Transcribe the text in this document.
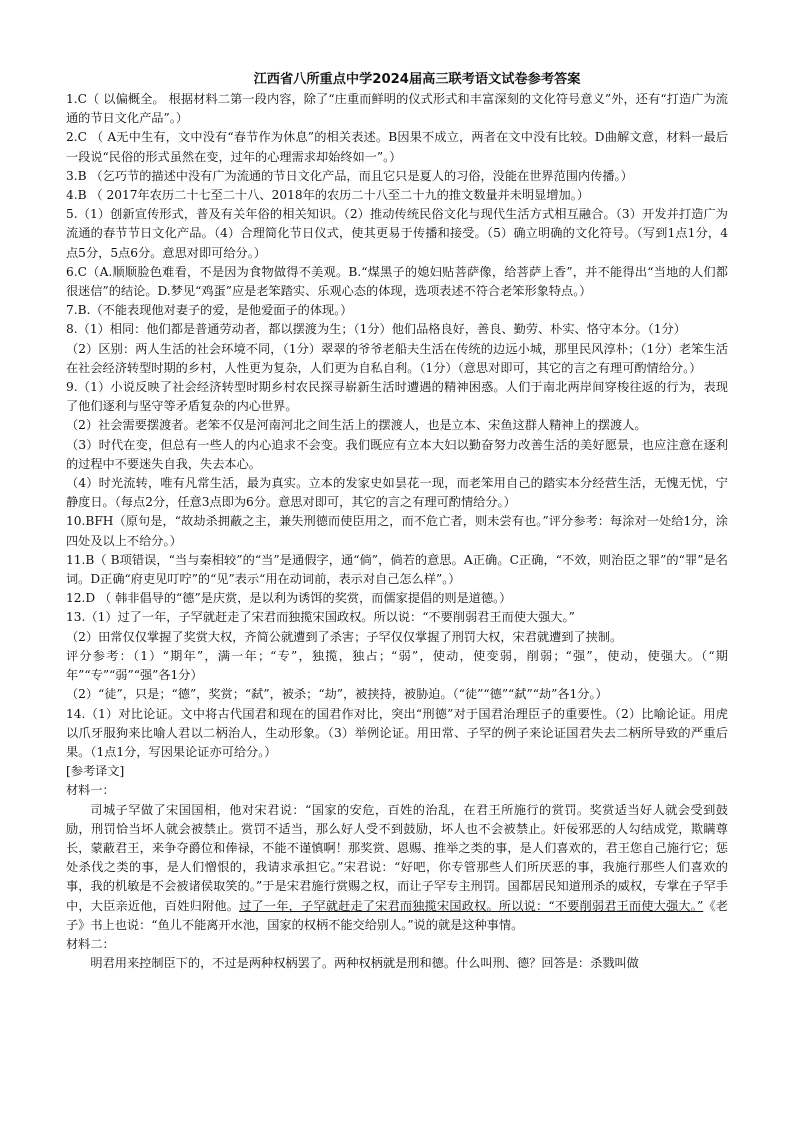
江西省八所重点中学2024届高三联考语文试卷参考答案

1.C（ 以偏概全。 根据材料二第一段内容，除了“庄重而鲜明的仪式形式和丰富深刻的文化符号意义”外，还有“打造广为流通的节日文化产品”。）

2.C （ A无中生有，文中没有“春节作为休息”的相关表述。B因果不成立，两者在文中没有比较。D曲解文意，材料一最后一段说“民俗的形式虽然在变，过年的心理需求却始终如一”。）

3.B （乞巧节的描述中没有广为流通的节日文化产品，而且它只是夏人的习俗，没能在世界范围内传播。）

4.B （ 2017年农历二十七至二十八、2018年的农历二十八至二十九的推文数量并未明显增加。）

5.（1）创新宣传形式，普及有关年俗的相关知识。（2）推动传统民俗文化与现代生活方式相互融合。（3）开发并打造广为流通的春节节日文化产品。（4）合理简化节日仪式，使其更易于传播和接受。（5）确立明确的文化符号。（写到1点1分，4点5分，5点6分。意思对即可给分。）

6.C（A.顺顺脸色难看，不是因为食物做得不美观。B.“煤黑子的媳妇贴菩萨像，给菩萨上香”，并不能得出“当地的人们都很迷信”的结论。D.梦见“鸡蛋”应是老笨踏实、乐观心态的体现，选项表述不符合老笨形象特点。）

7.B.（不能表现他对妻子的爱，是他爱面子的体现。）

8.（1）相同：他们都是普通劳动者，都以摆渡为生；（1分）他们品格良好，善良、勤劳、朴实、恪守本分。（1分）

（2）区别：两人生活的社会环境不同，（1分）翠翠的爷爷老船夫生活在传统的边远小城，那里民风淳朴；（1分）老笨生活在社会经济转型时期的乡村，人性更为复杂，人们更为自私自利。（1分）（意思对即可，其它的言之有理可酌情给分。）

9.（1）小说反映了社会经济转型时期乡村农民探寻崭新生活时遭遇的精神困惑。人们于南北两岸间穿梭往返的行为，表现了他们逐利与坚守等矛盾复杂的内心世界。

（2）社会需要摆渡者。老笨不仅是河南河北之间生活上的摆渡人，也是立本、宋鱼这群人精神上的摆渡人。

（3）时代在变，但总有一些人的内心追求不会变。我们既应有立本大妇以勤奋努力改善生活的美好愿景，也应注意在逐利的过程中不要迷失自我，失去本心。

（4）时光流转，唯有凡常生活，最为真实。立本的发家史如昙花一现，而老笨用自己的踏实本分经营生活，无愧无忧，宁静度日。（每点2分，任意3点即为6分。意思对即可，其它的言之有理可酌情给分。）

10.BFH（原句是，“故劫杀拥蔽之主，兼失刑德而使臣用之，而不危亡者，则未尝有也。”评分参考：每涂对一处给1分，涂四处及以上不给分。）

11.B（ B项错误，“当与秦相较”的“当”是通假字，通“倘”，倘若的意思。A正确。C正确，“不效，则治臣之罪”的“罪”是名词。D正确“府吏见叮咛”的“见”表示“用在动词前，表示对自己怎么样”。）

12.D （ 韩非倡导的“德”是庆赏，是以利为诱饵的奖赏，而儒家提倡的则是道德。）

13.（1）过了一年，子罕就赶走了宋君而独揽宋国政权。所以说：“不要削弱君王而使大强大。”

（2）田常仅仅掌握了奖赏大权，齐简公就遭到了杀害；子罕仅仅掌握了刑罚大权，宋君就遭到了挟制。

评分参考：（1）“期年”，满一年；“专”，独揽，独占；“弱”，使动，使变弱，削弱；“强”，使动，使强大。（“期年”“专”“弱”“强”各1分）

（2）“徒”，只是；“德”，奖赏；“弑”，被杀；“劫”，被挟持，被胁迫。（“徒”“德”“弑”“劫”各1分。）

14.（1）对比论证。文中将古代国君和现在的国君作对比，突出“刑德”对于国君治理臣子的重要性。（2）比喻论证。用虎以爪牙服狗来比喻人君以二柄治人，生动形象。（3）举例论证。用田常、子罕的例子来论证国君失去二柄所导致的严重后果。（1点1分，写因果论证亦可给分。）

[参考译文]

材料一：

司城子罕做了宋国国相，他对宋君说：“国家的安危，百姓的治乱，在君王所施行的赏罚。奖赏适当好人就会受到鼓励，刑罚恰当坏人就会被禁止。赏罚不适当，那么好人受不到鼓励，坏人也不会被禁止。奸佞邪恶的人勾结成党，欺瞒尊长，蒙蔽君王，来争夺爵位和俸禄，不能不谨慎啊！那奖赏、恩赐、推举之类的事，是人们喜欢的，君王您自己施行它；惩处杀伐之类的事，是人们憎恨的，我请求承担它。”宋君说：“好吧，你专管那些人们所厌恶的事，我施行那些人们喜欢的事，我的机敏是不会被诸侯取笑的。”于是宋君施行赏赐之权，而让子罕专主刑罚。国都居民知道刑杀的威权，专掌在子罕手中，大臣亲近他，百姓归附他。过了一年，子罕就赶走了宋君而独揽宋国政权。所以说：“不要削弱君王而使大强大。”《老子》书上也说：“鱼儿不能离开水池，国家的权柄不能交给别人。”说的就是这种事情。

材料二：

明君用来控制臣下的，不过是两种权柄罢了。两种权柄就是刑和德。什么叫刑、德？回答是：杀戮叫做
